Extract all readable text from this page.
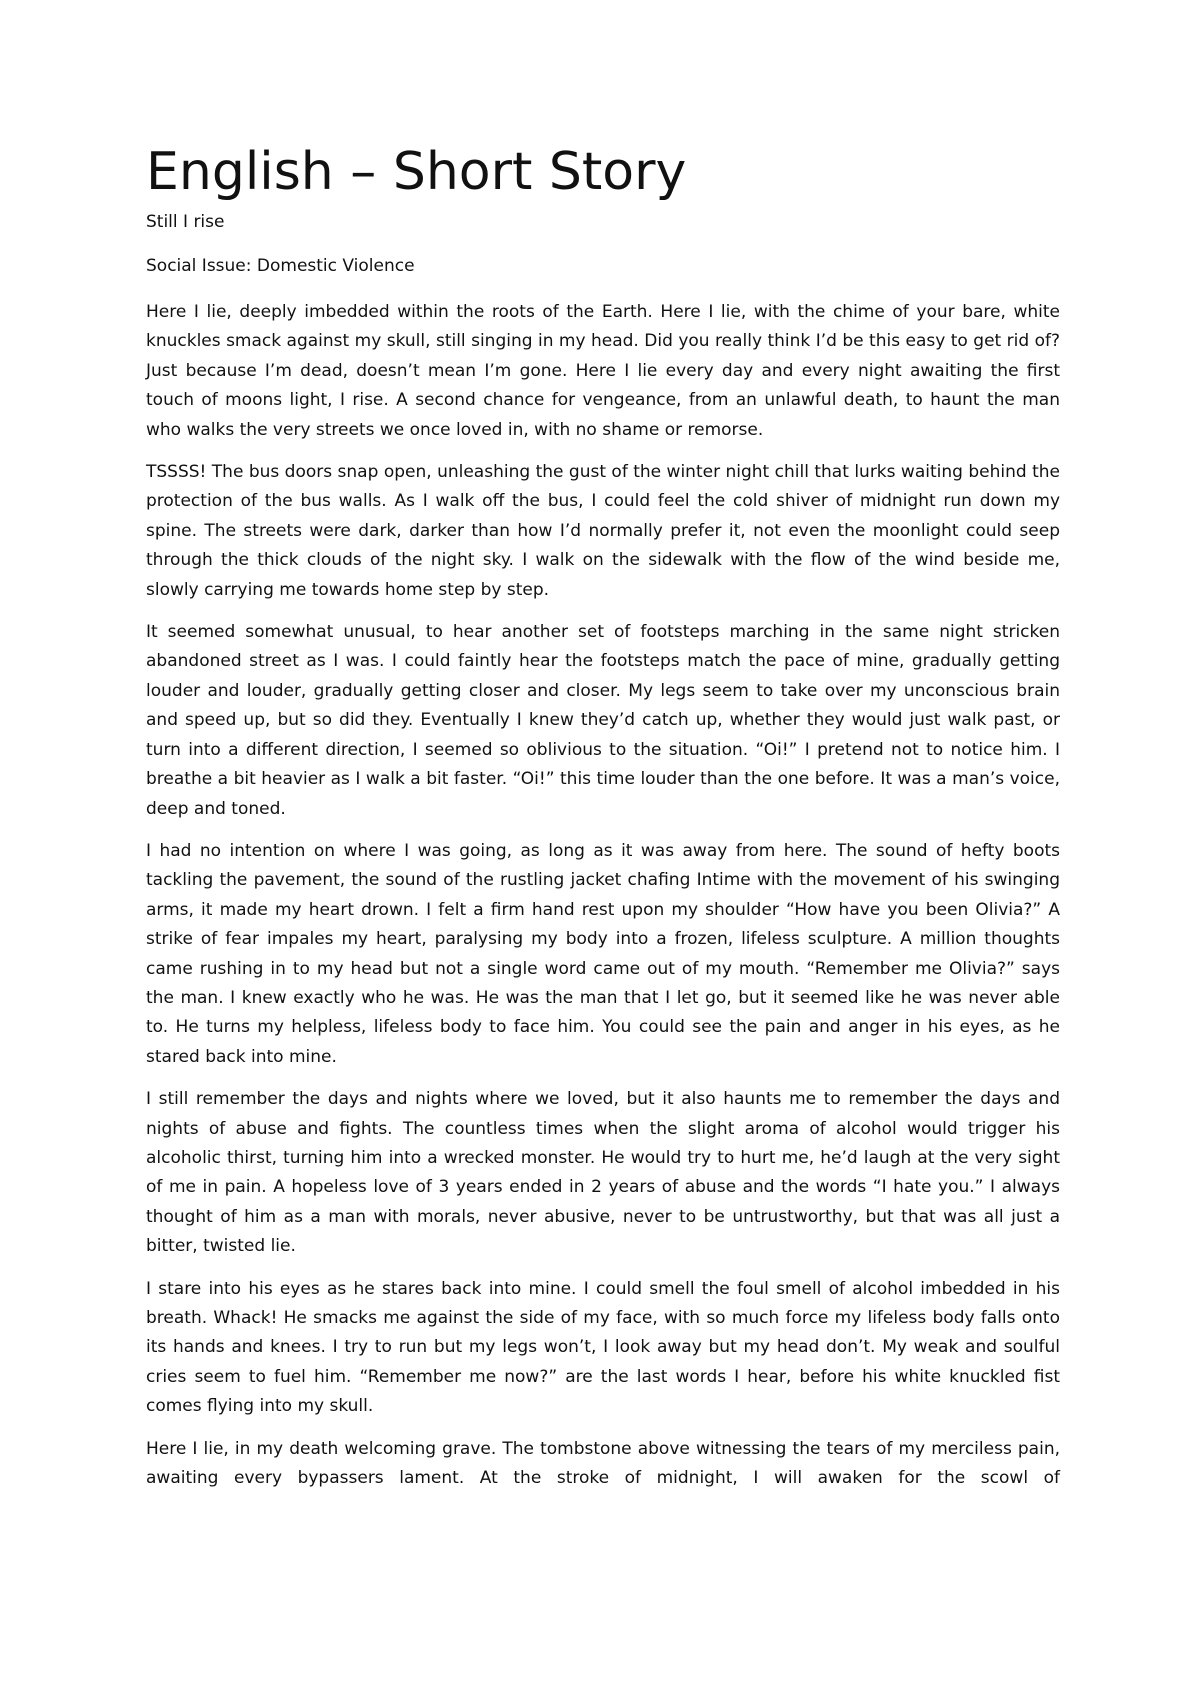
English – Short Story

Still I rise

Social Issue: Domestic Violence

Here I lie, deeply imbedded within the roots of the Earth. Here I lie, with the chime of your bare, white knuckles smack against my skull, still singing in my head. Did you really think I’d be this easy to get rid of? Just because I’m dead, doesn’t mean I’m gone. Here I lie every day and every night awaiting the first touch of moons light, I rise. A second chance for vengeance, from an unlawful death, to haunt the man who walks the very streets we once loved in, with no shame or remorse.

TSSSS! The bus doors snap open, unleashing the gust of the winter night chill that lurks waiting behind the protection of the bus walls. As I walk off the bus, I could feel the cold shiver of midnight run down my spine. The streets were dark, darker than how I’d normally prefer it, not even the moonlight could seep through the thick clouds of the night sky. I walk on the sidewalk with the flow of the wind beside me, slowly carrying me towards home step by step.

It seemed somewhat unusual, to hear another set of footsteps marching in the same night stricken abandoned street as I was. I could faintly hear the footsteps match the pace of mine, gradually getting louder and louder, gradually getting closer and closer. My legs seem to take over my unconscious brain and speed up, but so did they. Eventually I knew they’d catch up, whether they would just walk past, or turn into a different direction, I seemed so oblivious to the situation. “Oi!” I pretend not to notice him. I breathe a bit heavier as I walk a bit faster. “Oi!” this time louder than the one before. It was a man’s voice, deep and toned.

I had no intention on where I was going, as long as it was away from here. The sound of hefty boots tackling the pavement, the sound of the rustling jacket chafing Intime with the movement of his swinging arms, it made my heart drown. I felt a firm hand rest upon my shoulder “How have you been Olivia?” A strike of fear impales my heart, paralysing my body into a frozen, lifeless sculpture. A million thoughts came rushing in to my head but not a single word came out of my mouth. “Remember me Olivia?” says the man. I knew exactly who he was. He was the man that I let go, but it seemed like he was never able to. He turns my helpless, lifeless body to face him. You could see the pain and anger in his eyes, as he stared back into mine.

I still remember the days and nights where we loved, but it also haunts me to remember the days and nights of abuse and fights. The countless times when the slight aroma of alcohol would trigger his alcoholic thirst, turning him into a wrecked monster. He would try to hurt me, he’d laugh at the very sight of me in pain. A hopeless love of 3 years ended in 2 years of abuse and the words “I hate you.” I always thought of him as a man with morals, never abusive, never to be untrustworthy, but that was all just a bitter, twisted lie.

I stare into his eyes as he stares back into mine. I could smell the foul smell of alcohol imbedded in his breath. Whack! He smacks me against the side of my face, with so much force my lifeless body falls onto its hands and knees. I try to run but my legs won’t, I look away but my head don’t. My weak and soulful cries seem to fuel him. “Remember me now?” are the last words I hear, before his white knuckled fist comes flying into my skull.

Here I lie, in my death welcoming grave. The tombstone above witnessing the tears of my merciless pain, awaiting every bypassers lament. At the stroke of midnight, I will awaken for the scowl of
